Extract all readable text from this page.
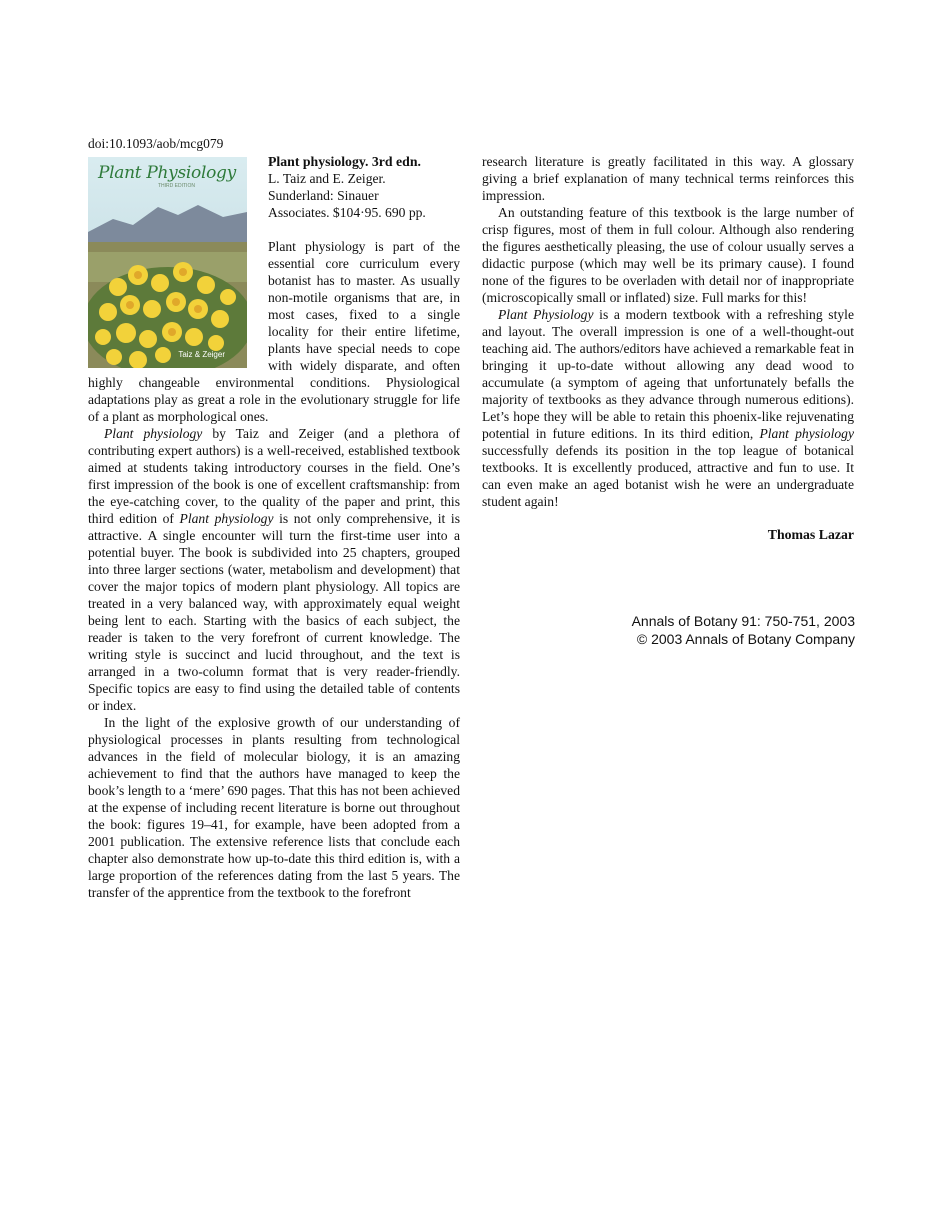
doi:10.1093/aob/mcg079
Plant Physiology
THIRD EDITION
Taiz & Zeiger
Plant physiology. 3rd edn.
L. Taiz and E. Zeiger.
Sunderland: Sinauer
Associates. $104·95. 690 pp.

Plant physiology is part of the essential core curriculum every botanist has to master. As usually non-motile organisms that are, in most cases, fixed to a single locality for their entire lifetime, plants have special needs to cope with widely disparate, and often highly changeable environmental conditions. Physiological adaptations play as great a role in the evolutionary struggle for life of a plant as morphological ones.

Plant physiology by Taiz and Zeiger (and a plethora of contributing expert authors) is a well-received, established textbook aimed at students taking introductory courses in the field. One’s first impression of the book is one of excellent craftsmanship: from the eye-catching cover, to the quality of the paper and print, this third edition of Plant physiology is not only comprehensive, it is attractive. A single encounter will turn the first-time user into a potential buyer. The book is subdivided into 25 chapters, grouped into three larger sections (water, metabolism and development) that cover the major topics of modern plant physiology. All topics are treated in a very balanced way, with approximately equal weight being lent to each. Starting with the basics of each subject, the reader is taken to the very forefront of current knowledge. The writing style is succinct and lucid throughout, and the text is arranged in a two-column format that is very reader-friendly. Specific topics are easy to find using the detailed table of contents or index.

In the light of the explosive growth of our understanding of physiological processes in plants resulting from technological advances in the field of molecular biology, it is an amazing achievement to find that the authors have managed to keep the book’s length to a ‘mere’ 690 pages. That this has not been achieved at the expense of including recent literature is borne out throughout the book: figures 19–41, for example, have been adopted from a 2001 publication. The extensive reference lists that conclude each chapter also demonstrate how up-to-date this third edition is, with a large proportion of the references dating from the last 5 years. The transfer of the apprentice from the textbook to the forefront

research literature is greatly facilitated in this way. A glossary giving a brief explanation of many technical terms reinforces this impression.

An outstanding feature of this textbook is the large number of crisp figures, most of them in full colour. Although also rendering the figures aesthetically pleasing, the use of colour usually serves a didactic purpose (which may well be its primary cause). I found none of the figures to be overladen with detail nor of inappropriate (microscopically small or inflated) size. Full marks for this!

Plant Physiology is a modern textbook with a refreshing style and layout. The overall impression is one of a well-thought-out teaching aid. The authors/editors have achieved a remarkable feat in bringing it up-to-date without allowing any dead wood to accumulate (a symptom of ageing that unfortunately befalls the majority of textbooks as they advance through numerous editions). Let’s hope they will be able to retain this phoenix-like rejuvenating potential in future editions. In its third edition, Plant physiology successfully defends its position in the top league of botanical textbooks. It is excellently produced, attractive and fun to use. It can even make an aged botanist wish he were an undergraduate student again!

Thomas Lazar
Annals of Botany 91: 750-751, 2003
© 2003 Annals of Botany Company
